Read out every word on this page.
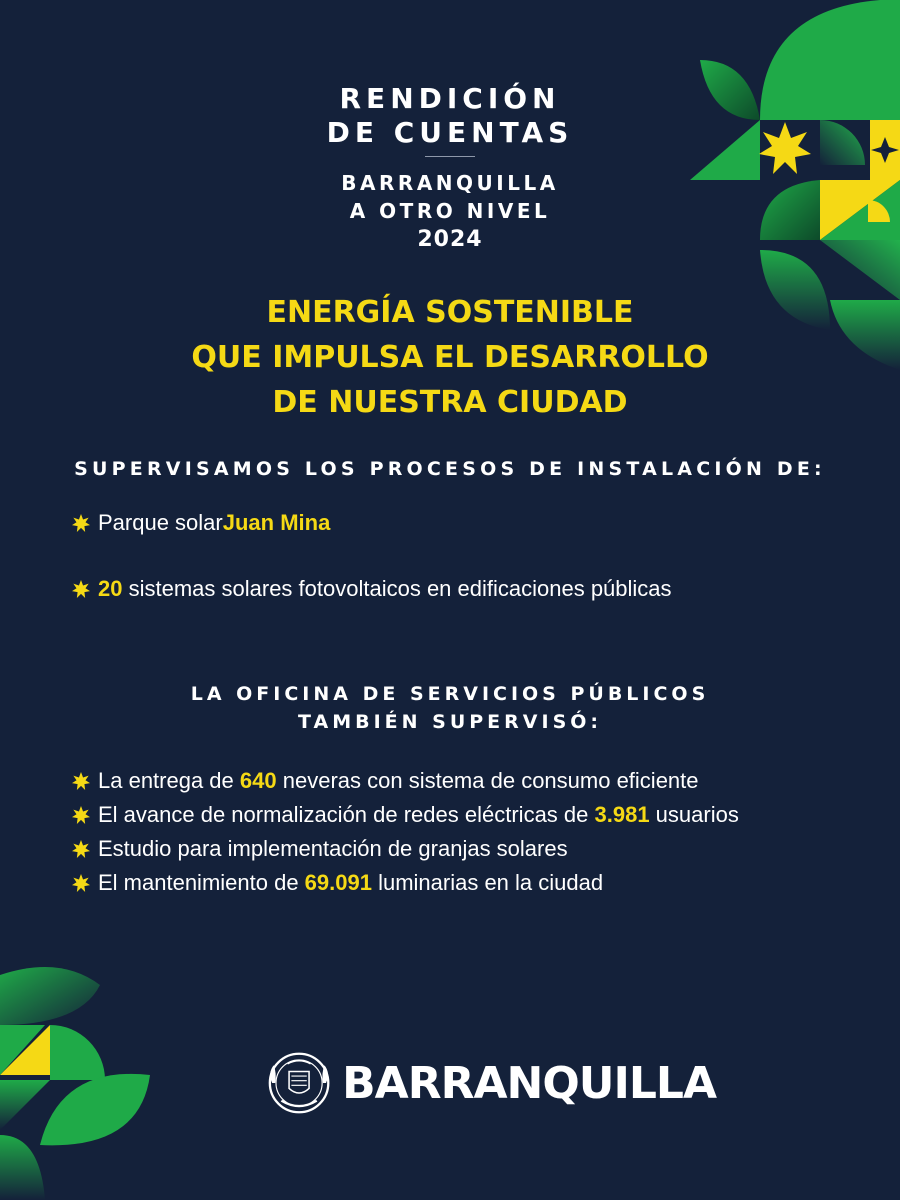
RENDICIÓN
DE CUENTAS
BARRANQUILLA
A OTRO NIVEL
2024
ENERGÍA SOSTENIBLE
QUE IMPULSA EL DESARROLLO
DE NUESTRA CIUDAD
SUPERVISAMOS LOS PROCESOS DE INSTALACIÓN DE:
Parque solar Juan Mina
20 sistemas solares fotovoltaicos en edificaciones públicas
LA OFICINA DE SERVICIOS PÚBLICOS
TAMBIÉN SUPERVISÓ:
La entrega de 640 neveras con sistema de consumo eficiente
El avance de normalización de redes eléctricas de 3.981 usuarios
Estudio para implementación de granjas solares
El mantenimiento de 69.091 luminarias en la ciudad
BARRANQUILLA
